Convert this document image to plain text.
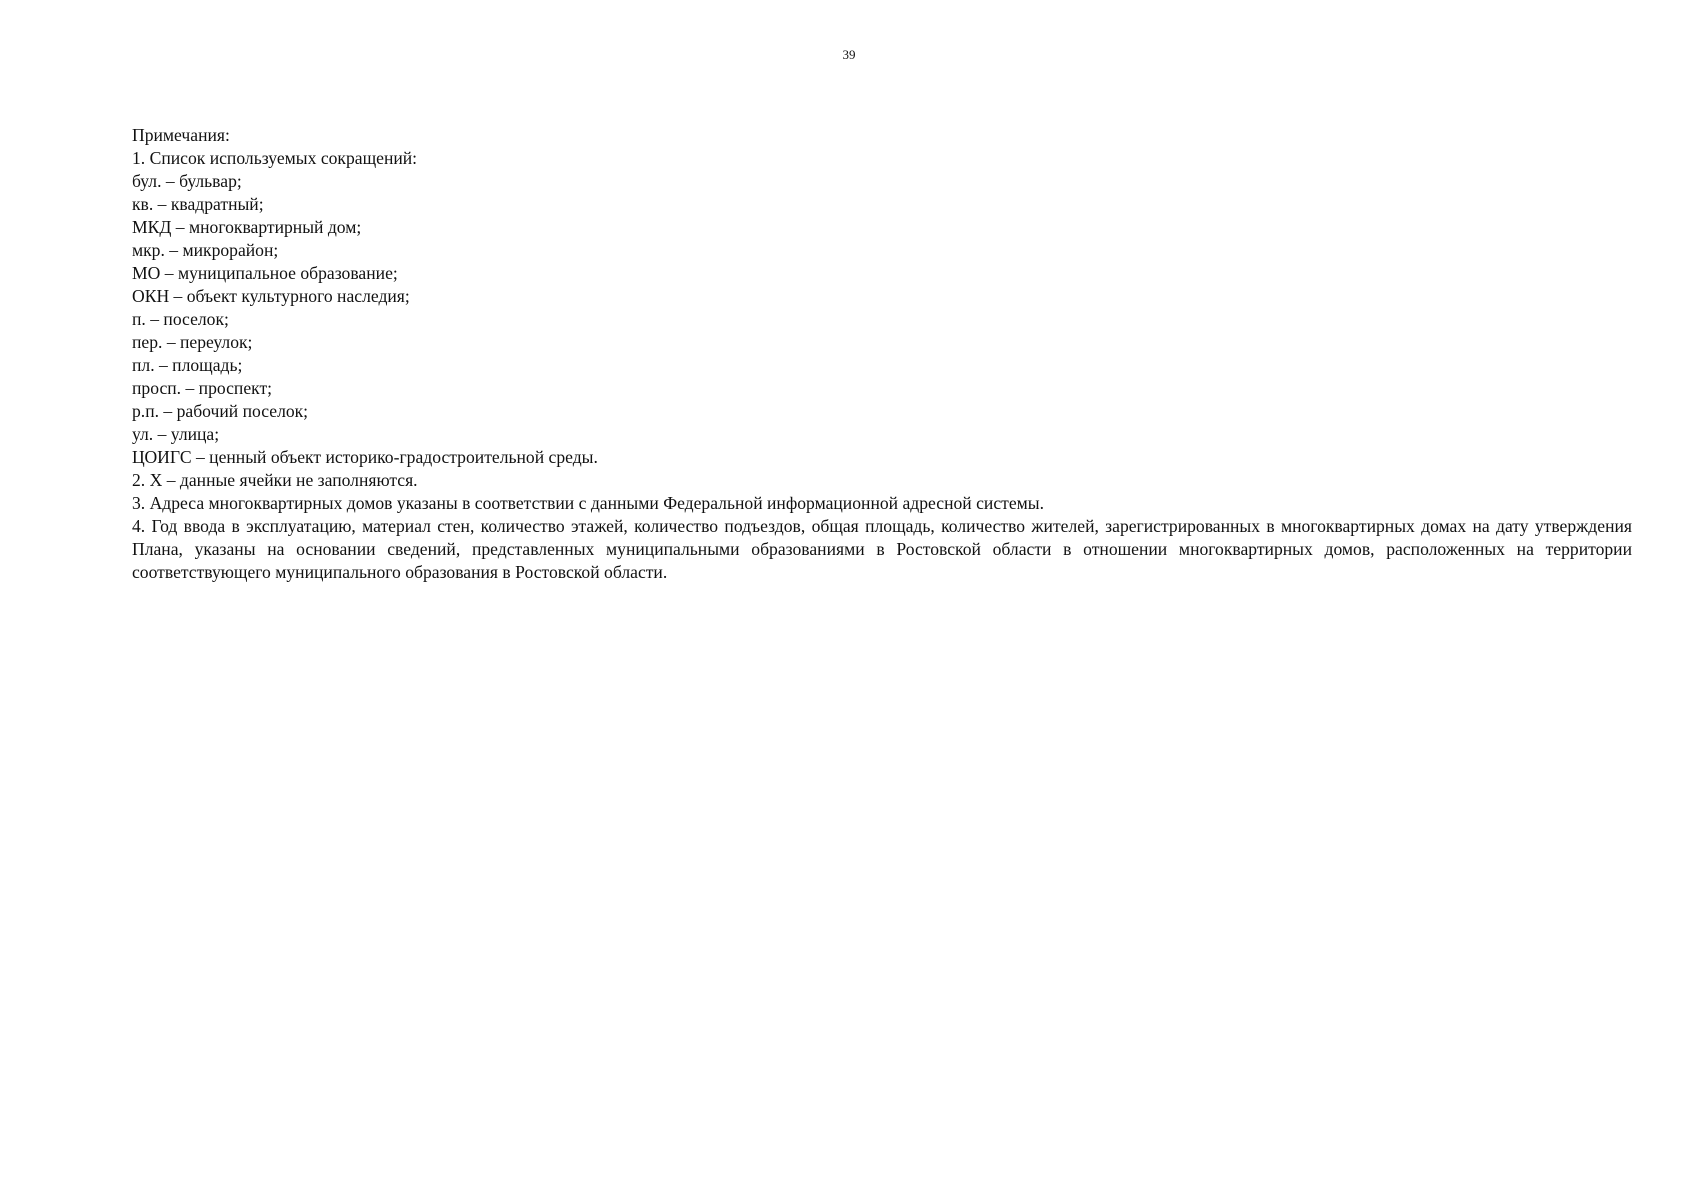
39
Примечания:
1. Список используемых сокращений:
бул. – бульвар;
кв. – квадратный;
МКД – многоквартирный дом;
мкр. – микрорайон;
МО – муниципальное образование;
ОКН – объект культурного наследия;
п. – поселок;
пер. – переулок;
пл. – площадь;
просп. – проспект;
р.п. – рабочий поселок;
ул. – улица;
ЦОИГС – ценный объект историко-градостроительной среды.
2. Х – данные ячейки не заполняются.
3. Адреса многоквартирных домов указаны в соответствии с данными Федеральной информационной адресной системы.
4. Год ввода в эксплуатацию, материал стен, количество этажей, количество подъездов, общая площадь, количество жителей, зарегистрированных в многоквартирных домах на дату утверждения Плана, указаны на основании сведений, представленных муниципальными образованиями в Ростовской области в отношении многоквартирных домов, расположенных на территории соответствующего муниципального образования в Ростовской области.
